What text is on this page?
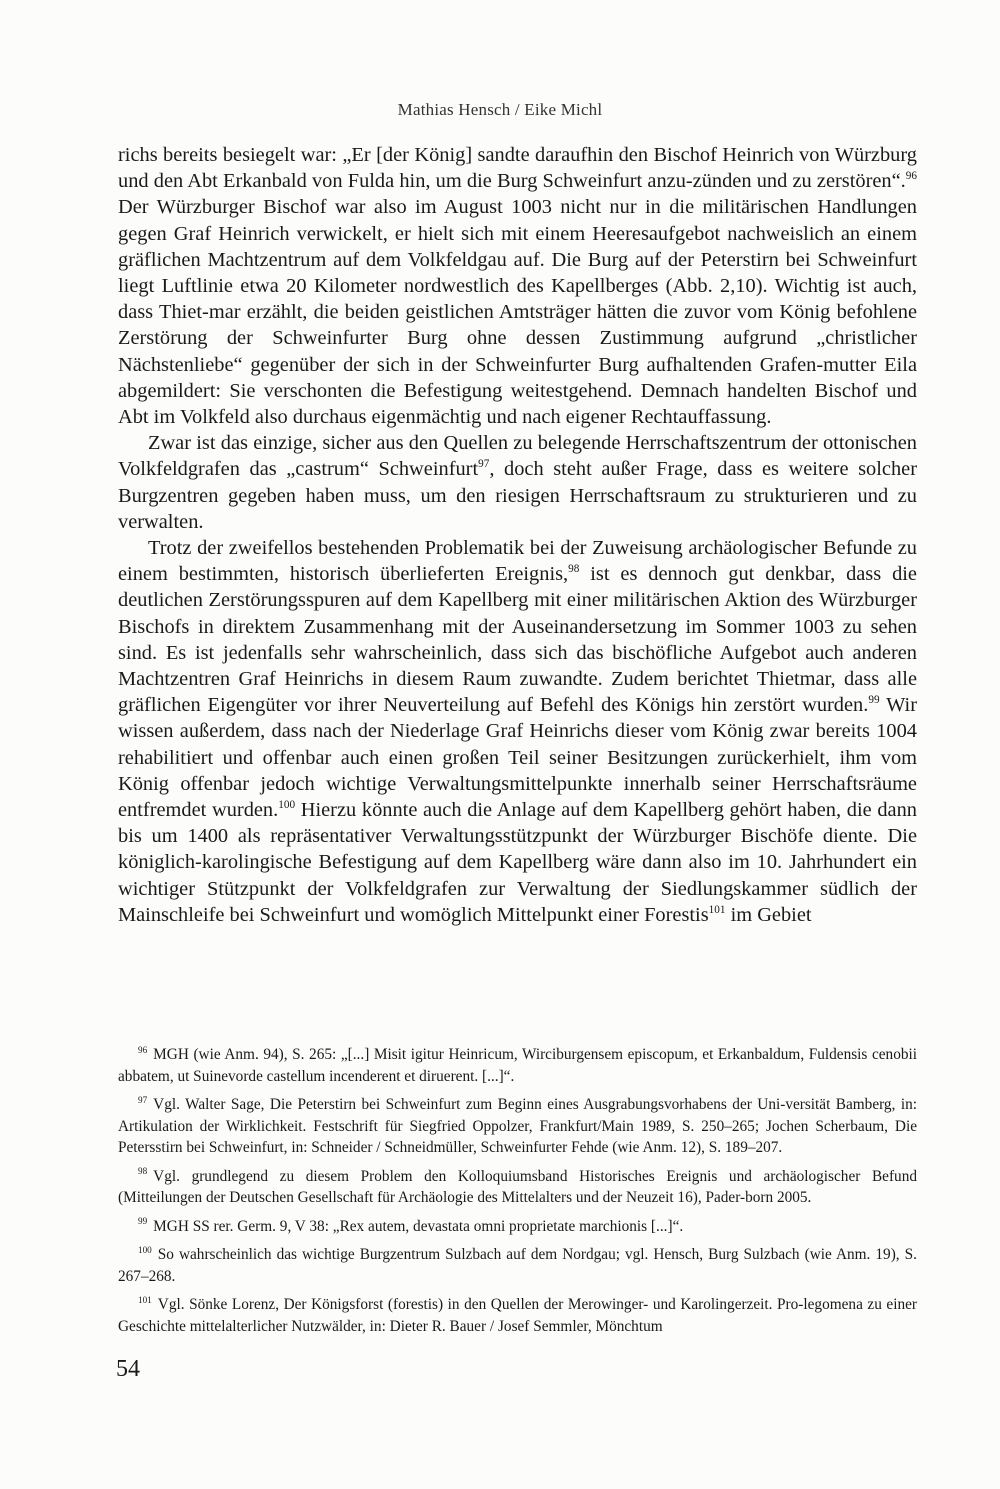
Mathias Hensch / Eike Michl

richs bereits besiegelt war: „Er [der König] sandte daraufhin den Bischof Heinrich von Würzburg und den Abt Erkanbald von Fulda hin, um die Burg Schweinfurt anzu-zünden und zu zerstören“.$^{96}$ Der Würzburger Bischof war also im August 1003 nicht nur in die militärischen Handlungen gegen Graf Heinrich verwickelt, er hielt sich mit einem Heeresaufgebot nachweislich an einem gräflichen Machtzentrum auf dem Volkfeldgau auf. Die Burg auf der Peterstirn bei Schweinfurt liegt Luftlinie etwa 20 Kilometer nordwestlich des Kapellberges (Abb. 2,10). Wichtig ist auch, dass Thiet-mar erzählt, die beiden geistlichen Amtsträger hätten die zuvor vom König befohlene Zerstörung der Schweinfurter Burg ohne dessen Zustimmung aufgrund „christlicher Nächstenliebe“ gegenüber der sich in der Schweinfurter Burg aufhaltenden Grafen-mutter Eila abgemildert: Sie verschonten die Befestigung weitestgehend. Demnach handelten Bischof und Abt im Volkfeld also durchaus eigenmächtig und nach eigener Rechtauffassung.

Zwar ist das einzige, sicher aus den Quellen zu belegende Herrschaftszentrum der ottonischen Volkfeldgrafen das „castrum“ Schweinfurt$^{97}$, doch steht außer Frage, dass es weitere solcher Burgzentren gegeben haben muss, um den riesigen Herrschaftsraum zu strukturieren und zu verwalten.

Trotz der zweifellos bestehenden Problematik bei der Zuweisung archäologischer Befunde zu einem bestimmten, historisch überlieferten Ereignis,$^{98}$ ist es dennoch gut denkbar, dass die deutlichen Zerstörungsspuren auf dem Kapellberg mit einer militärischen Aktion des Würzburger Bischofs in direktem Zusammenhang mit der Auseinandersetzung im Sommer 1003 zu sehen sind. Es ist jedenfalls sehr wahrscheinlich, dass sich das bischöfliche Aufgebot auch anderen Machtzentren Graf Heinrichs in diesem Raum zuwandte. Zudem berichtet Thietmar, dass alle gräflichen Eigengüter vor ihrer Neuverteilung auf Befehl des Königs hin zerstört wurden.$^{99}$ Wir wissen außerdem, dass nach der Niederlage Graf Heinrichs dieser vom König zwar bereits 1004 rehabilitiert und offenbar auch einen großen Teil seiner Besitzungen zurückerhielt, ihm vom König offenbar jedoch wichtige Verwaltungsmittelpunkte innerhalb seiner Herrschaftsräume entfremdet wurden.$^{100}$ Hierzu könnte auch die Anlage auf dem Kapellberg gehört haben, die dann bis um 1400 als repräsentativer Verwaltungsstützpunkt der Würzburger Bischöfe diente. Die königlich-karolingische Befestigung auf dem Kapellberg wäre dann also im 10. Jahrhundert ein wichtiger Stützpunkt der Volkfeldgrafen zur Verwaltung der Siedlungskammer südlich der Mainschleife bei Schweinfurt und womöglich Mittelpunkt einer Forestis$^{101}$ im Gebiet

$^{96}$ MGH (wie Anm. 94), S. 265: „[...] Misit igitur Heinricum, Wirciburgensem episcopum, et Erkanbaldum, Fuldensis cenobii abbatem, ut Suinevorde castellum incenderent et diruerent. [...]“.

$^{97}$ Vgl. Walter Sage, Die Peterstirn bei Schweinfurt zum Beginn eines Ausgrabungsvorhabens der Uni-versität Bamberg, in: Artikulation der Wirklichkeit. Festschrift für Siegfried Oppolzer, Frankfurt/Main 1989, S. 250–265; Jochen Scherbaum, Die Petersstirn bei Schweinfurt, in: Schneider / Schneidmüller, Schweinfurter Fehde (wie Anm. 12), S. 189–207.

$^{98}$ Vgl. grundlegend zu diesem Problem den Kolloquiumsband Historisches Ereignis und archäologischer Befund (Mitteilungen der Deutschen Gesellschaft für Archäologie des Mittelalters und der Neuzeit 16), Pader-born 2005.

$^{99}$ MGH SS rer. Germ. 9, V 38: „Rex autem, devastata omni proprietate marchionis [...]“.

$^{100}$ So wahrscheinlich das wichtige Burgzentrum Sulzbach auf dem Nordgau; vgl. Hensch, Burg Sulzbach (wie Anm. 19), S. 267–268.

$^{101}$ Vgl. Sönke Lorenz, Der Königsforst (forestis) in den Quellen der Merowinger- und Karolingerzeit. Pro-legomena zu einer Geschichte mittelalterlicher Nutzwälder, in: Dieter R. Bauer / Josef Semmler, Mönchtum

54
